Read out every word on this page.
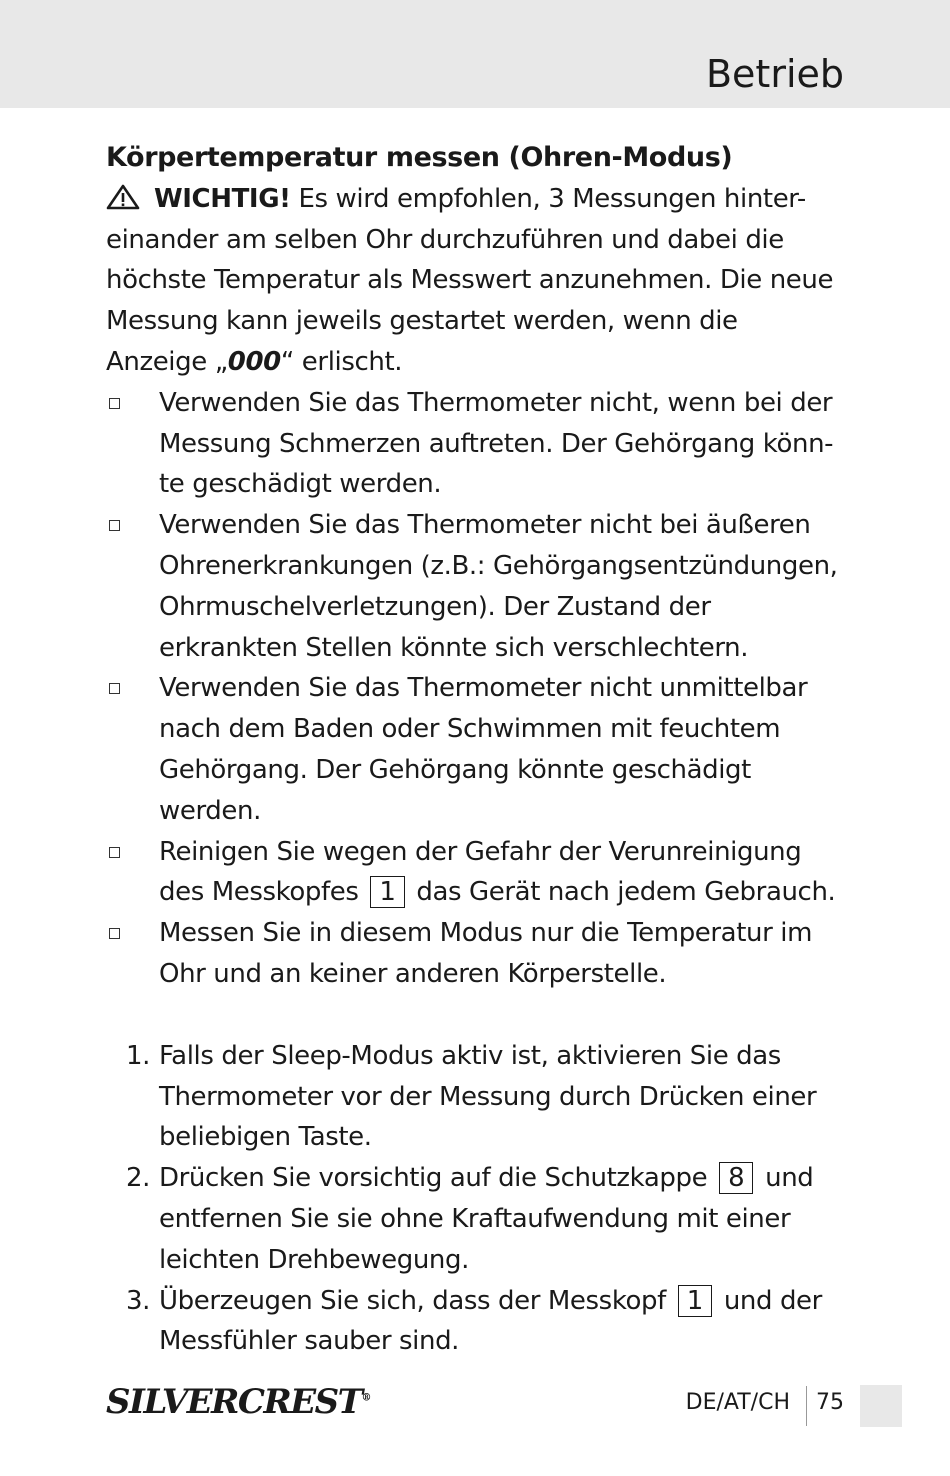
Betrieb

Körpertemperatur messen (Ohren-Modus)

WICHTIG! Es wird empfohlen, 3 Messungen hinter-einander am selben Ohr durchzuführen und dabei die höchste Temperatur als Messwert anzunehmen. Die neue Messung kann jeweils gestartet werden, wenn die Anzeige „000“ erlischt.

Verwenden Sie das Thermometer nicht, wenn bei der Messung Schmerzen auftreten. Der Gehörgang könn-te geschädigt werden.
Verwenden Sie das Thermometer nicht bei äußeren Ohrenerkrankungen (z.B.: Gehörgangsentzündungen, Ohrmuschelverletzungen). Der Zustand der erkrankten Stellen könnte sich verschlechtern.
Verwenden Sie das Thermometer nicht unmittelbar nach dem Baden oder Schwimmen mit feuchtem Gehörgang. Der Gehörgang könnte geschädigt werden.
Reinigen Sie wegen der Gefahr der Verunreinigung des Messkopfes 1 das Gerät nach jedem Gebrauch.
Messen Sie in diesem Modus nur die Temperatur im Ohr und an keiner anderen Körperstelle.
1. Falls der Sleep-Modus aktiv ist, aktivieren Sie das Thermometer vor der Messung durch Drücken einer beliebigen Taste.
2. Drücken Sie vorsichtig auf die Schutzkappe 8 und entfernen Sie sie ohne Kraftaufwendung mit einer leichten Drehbewegung.
3. Überzeugen Sie sich, dass der Messkopf 1 und der Messfühler sauber sind.
SILVERCREST®	DE/AT/CH 75
